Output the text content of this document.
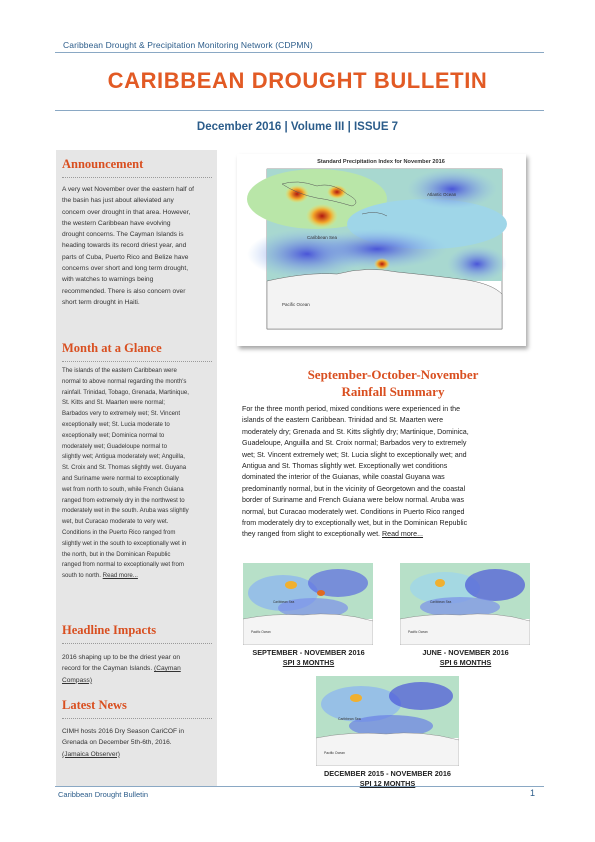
Caribbean Drought & Precipitation Monitoring Network (CDPMN)
CARIBBEAN DROUGHT BULLETIN
December 2016 | Volume III | ISSUE 7
Announcement
A very wet November over the eastern half of
the basin has just about alleviated any
concern over drought in that area. However,
the western Caribbean have evolving
drought concerns. The Cayman Islands is
heading towards its record driest year, and
parts of Cuba, Puerto Rico and Belize have
concerns over short and long term drought,
with watches to warnings being
recommended. There is also concern over
short term drought in Haiti.
Month at a Glance
The islands of the eastern Caribbean were
normal to above normal regarding the month's
rainfall. Trinidad, Tobago, Grenada, Martinique,
St. Kitts and St. Maarten were normal;
Barbados very to extremely wet; St. Vincent
exceptionally wet; St. Lucia moderate to
exceptionally wet; Dominica normal to
moderately wet; Guadeloupe normal to
slightly wet; Antigua moderately wet; Anguilla,
St. Croix and St. Thomas slightly wet. Guyana
and Suriname were normal to exceptionally
wet from north to south, while French Guiana
ranged from extremely dry in the northwest to
moderately wet in the south. Aruba was slightly
wet, but Curacao moderate to very wet.
Conditions in the Puerto Rico ranged from
slightly wet in the south to exceptionally wet in
the north, but in the Dominican Republic
ranged from normal to exceptionally wet from
south to north. Read more...
Headline Impacts
2016 shaping up to be the driest year on
record for the Cayman Islands. (Cayman
Compass)
Latest News
CIMH hosts 2016 Dry Season CariCOF in
Grenada on December 5th-6th, 2016.
(Jamaica Observer)
Standard Precipitation Index for November 2016
Atlantic Ocean
Caribbean Sea
Pacific Ocean
September-October-November
Rainfall Summary
For the three month period, mixed conditions were experienced in the
islands of the eastern Caribbean. Trinidad and St. Maarten were
moderately dry; Grenada and St. Kitts slightly dry; Martinique, Dominica,
Guadeloupe, Anguilla and St. Croix normal; Barbados very to extremely
wet; St. Vincent extremely wet; St. Lucia slight to exceptionally wet; and
Antigua and St. Thomas slightly wet. Exceptionally wet conditions
dominated the interior of the Guianas, while coastal Guyana was
predominantly normal, but in the vicinity of Georgetown and the coastal
border of Suriname and French Guiana were below normal. Aruba was
normal, but Curacao moderately wet. Conditions in Puerto Rico ranged
from moderately dry to exceptionally wet, but in the Dominican Republic
they ranged from slight to exceptionally wet. Read more...
Caribbean Sea
Pacific Ocean
Caribbean Sea
Pacific Ocean
Caribbean Sea
Pacific Ocean
SEPTEMBER - NOVEMBER 2016
SPI 3 MONTHS
JUNE - NOVEMBER 2016
SPI 6 MONTHS
DECEMBER 2015 - NOVEMBER 2016
SPI 12 MONTHS
Caribbean Drought Bulletin	1
